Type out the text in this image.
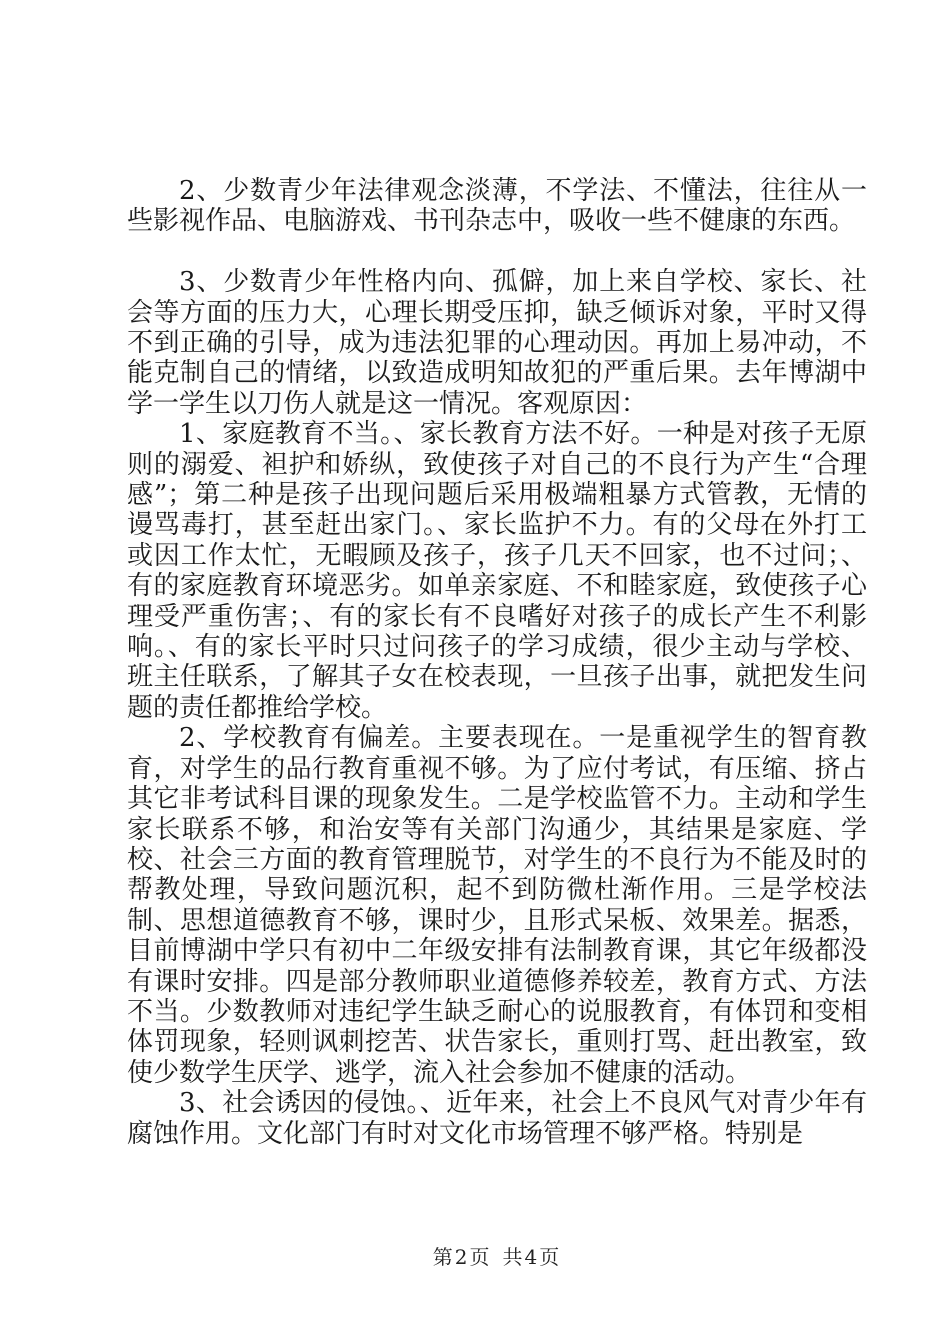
2、少数青少年法律观念淡薄，不学法、不懂法，往往从一些影视作品、电脑游戏、书刊杂志中，吸收一些不健康的东西。

3、少数青少年性格内向、孤僻，加上来自学校、家长、社会等方面的压力大，心理长期受压抑，缺乏倾诉对象，平时又得不到正确的引导，成为违法犯罪的心理动因。再加上易冲动，不能克制自己的情绪，以致造成明知故犯的严重后果。去年博湖中学一学生以刀伤人就是这一情况。客观原因：

1、家庭教育不当。、家长教育方法不好。一种是对孩子无原则的溺爱、袒护和娇纵，致使孩子对自己的不良行为产生“合理感”；第二种是孩子出现问题后采用极端粗暴方式管教，无情的谩骂毒打，甚至赶出家门。、家长监护不力。有的父母在外打工或因工作太忙，无暇顾及孩子，孩子几天不回家，也不过问；、有的家庭教育环境恶劣。如单亲家庭、不和睦家庭，致使孩子心理受严重伤害；、有的家长有不良嗜好对孩子的成长产生不利影响。、有的家长平时只过问孩子的学习成绩，很少主动与学校、班主任联系，了解其子女在校表现，一旦孩子出事，就把发生问题的责任都推给学校。

2、学校教育有偏差。主要表现在。一是重视学生的智育教育，对学生的品行教育重视不够。为了应付考试，有压缩、挤占其它非考试科目课的现象发生。二是学校监管不力。主动和学生家长联系不够，和治安等有关部门沟通少，其结果是家庭、学校、社会三方面的教育管理脱节，对学生的不良行为不能及时的帮教处理，导致问题沉积，起不到防微杜渐作用。三是学校法制、思想道德教育不够，课时少，且形式呆板、效果差。据悉，目前博湖中学只有初中二年级安排有法制教育课，其它年级都没有课时安排。四是部分教师职业道德修养较差，教育方式、方法不当。少数教师对违纪学生缺乏耐心的说服教育，有体罚和变相体罚现象，轻则讽刺挖苦、状告家长，重则打骂、赶出教室，致使少数学生厌学、逃学，流入社会参加不健康的活动。

3、社会诱因的侵蚀。、近年来，社会上不良风气对青少年有腐蚀作用。文化部门有时对文化市场管理不够严格。特别是

第2页 共4页
